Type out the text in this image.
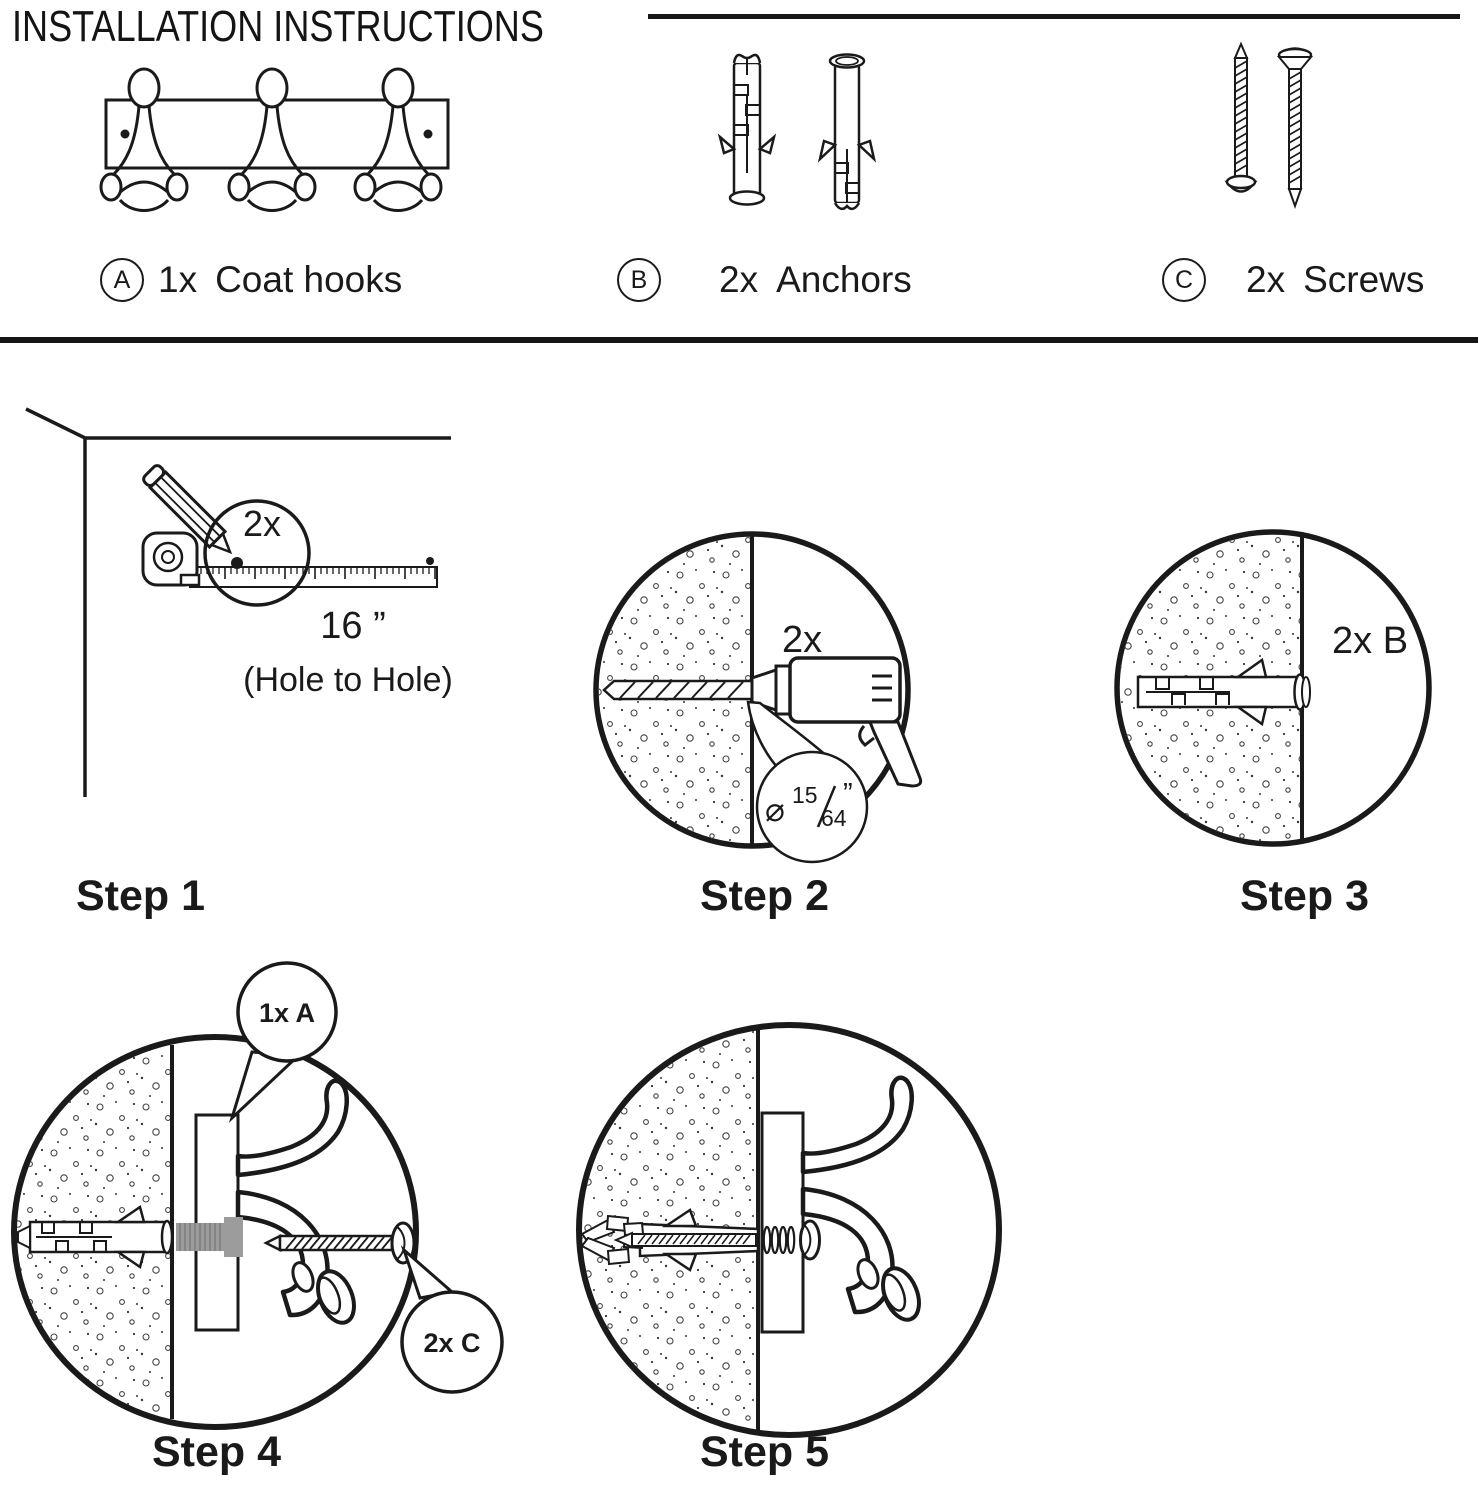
INSTALLATION INSTRUCTIONS
A 1x Coat hooks	B 2x Anchors	C 2x Screws
2x
16 ”
(Hole to Hole)
Step 1
2x
⌀ 15
64
”
Step 2
2x B
Step 3
1x A
2x C
Step 4	Step 5
